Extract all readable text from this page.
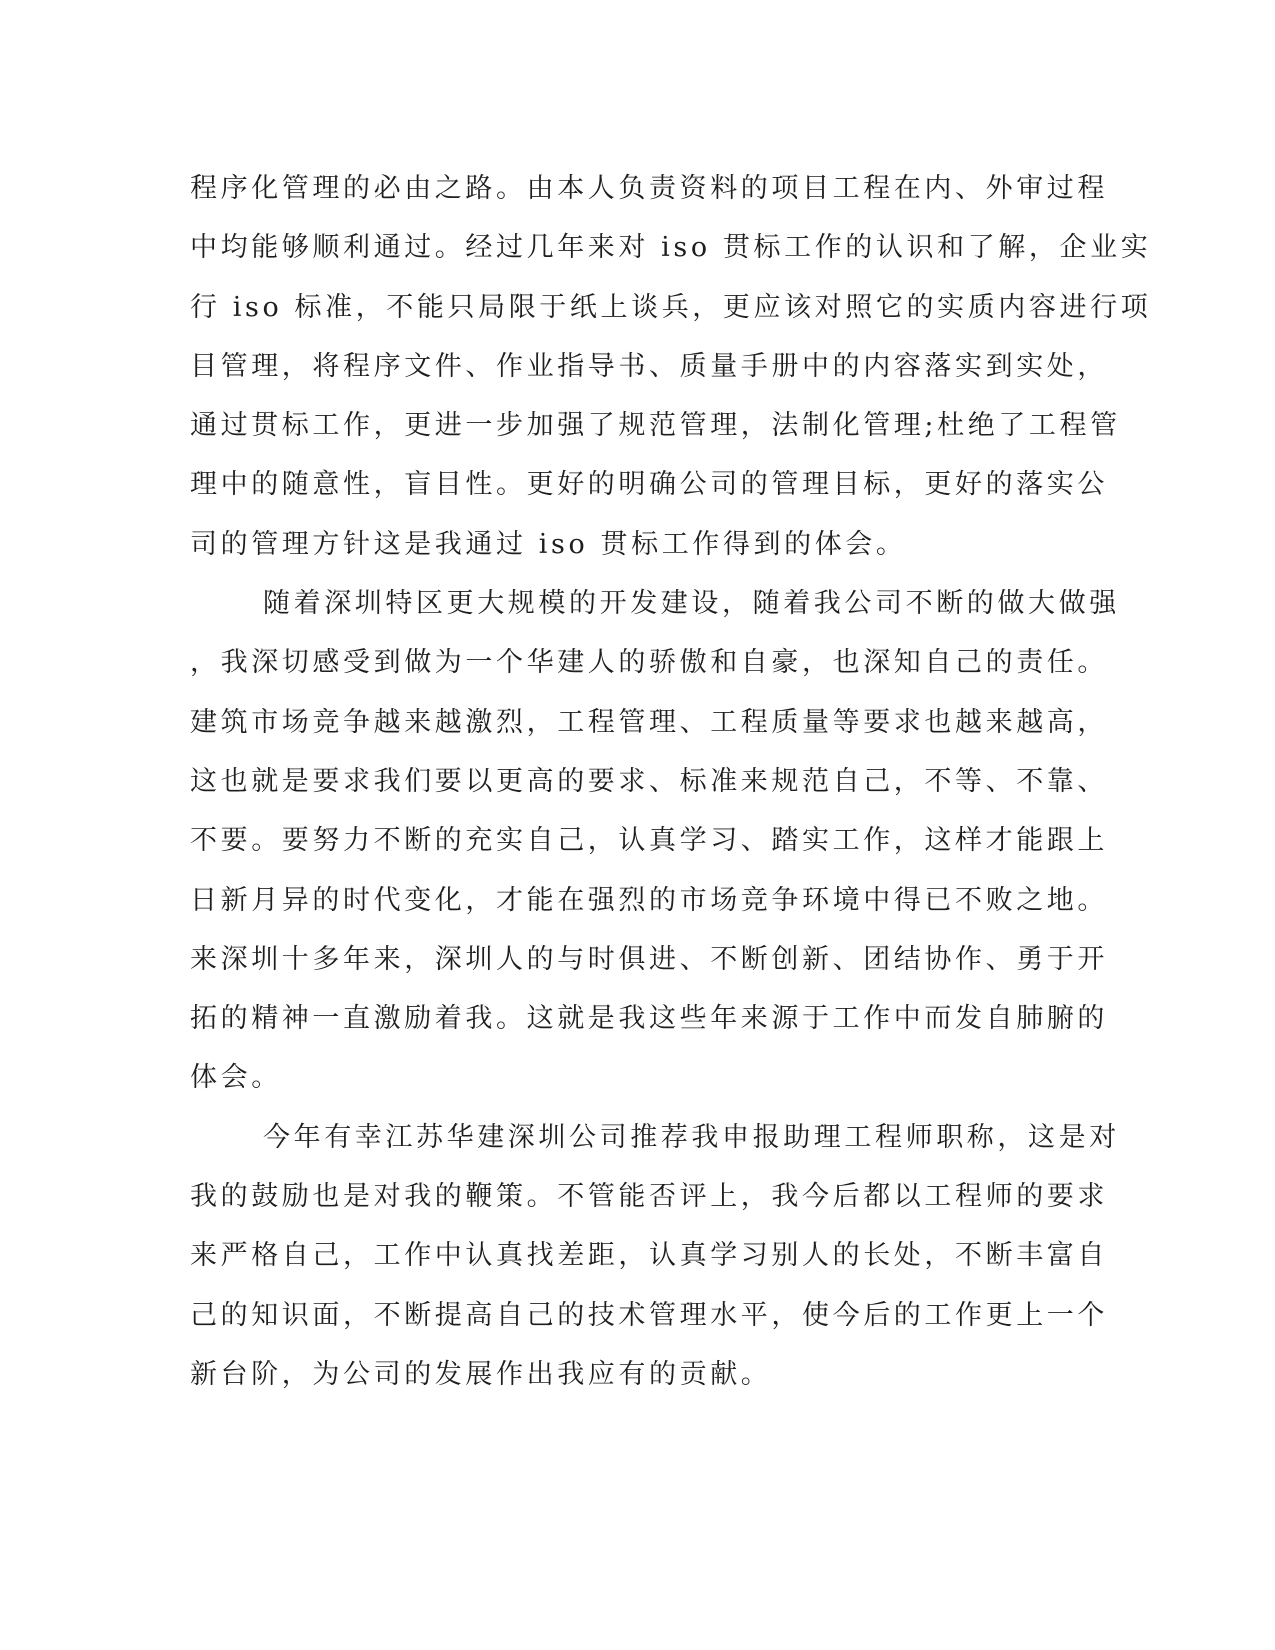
程序化管理的必由之路。由本人负责资料的项目工程在内、外审过程
中均能够顺利通过。经过几年来对 iso 贯标工作的认识和了解，企业实
行 iso 标准，不能只局限于纸上谈兵，更应该对照它的实质内容进行项
目管理，将程序文件、作业指导书、质量手册中的内容落实到实处，
通过贯标工作，更进一步加强了规范管理，法制化管理;杜绝了工程管
理中的随意性，盲目性。更好的明确公司的管理目标，更好的落实公
司的管理方针这是我通过 iso 贯标工作得到的体会。
随着深圳特区更大规模的开发建设，随着我公司不断的做大做强
，我深切感受到做为一个华建人的骄傲和自豪，也深知自己的责任。
建筑市场竞争越来越激烈，工程管理、工程质量等要求也越来越高，
这也就是要求我们要以更高的要求、标准来规范自己，不等、不靠、
不要。要努力不断的充实自己，认真学习、踏实工作，这样才能跟上
日新月异的时代变化，才能在强烈的市场竞争环境中得已不败之地。
来深圳十多年来，深圳人的与时俱进、不断创新、团结协作、勇于开
拓的精神一直激励着我。这就是我这些年来源于工作中而发自肺腑的
体会。
今年有幸江苏华建深圳公司推荐我申报助理工程师职称，这是对
我的鼓励也是对我的鞭策。不管能否评上，我今后都以工程师的要求
来严格自己，工作中认真找差距，认真学习别人的长处，不断丰富自
己的知识面，不断提高自己的技术管理水平，使今后的工作更上一个
新台阶，为公司的发展作出我应有的贡献。
